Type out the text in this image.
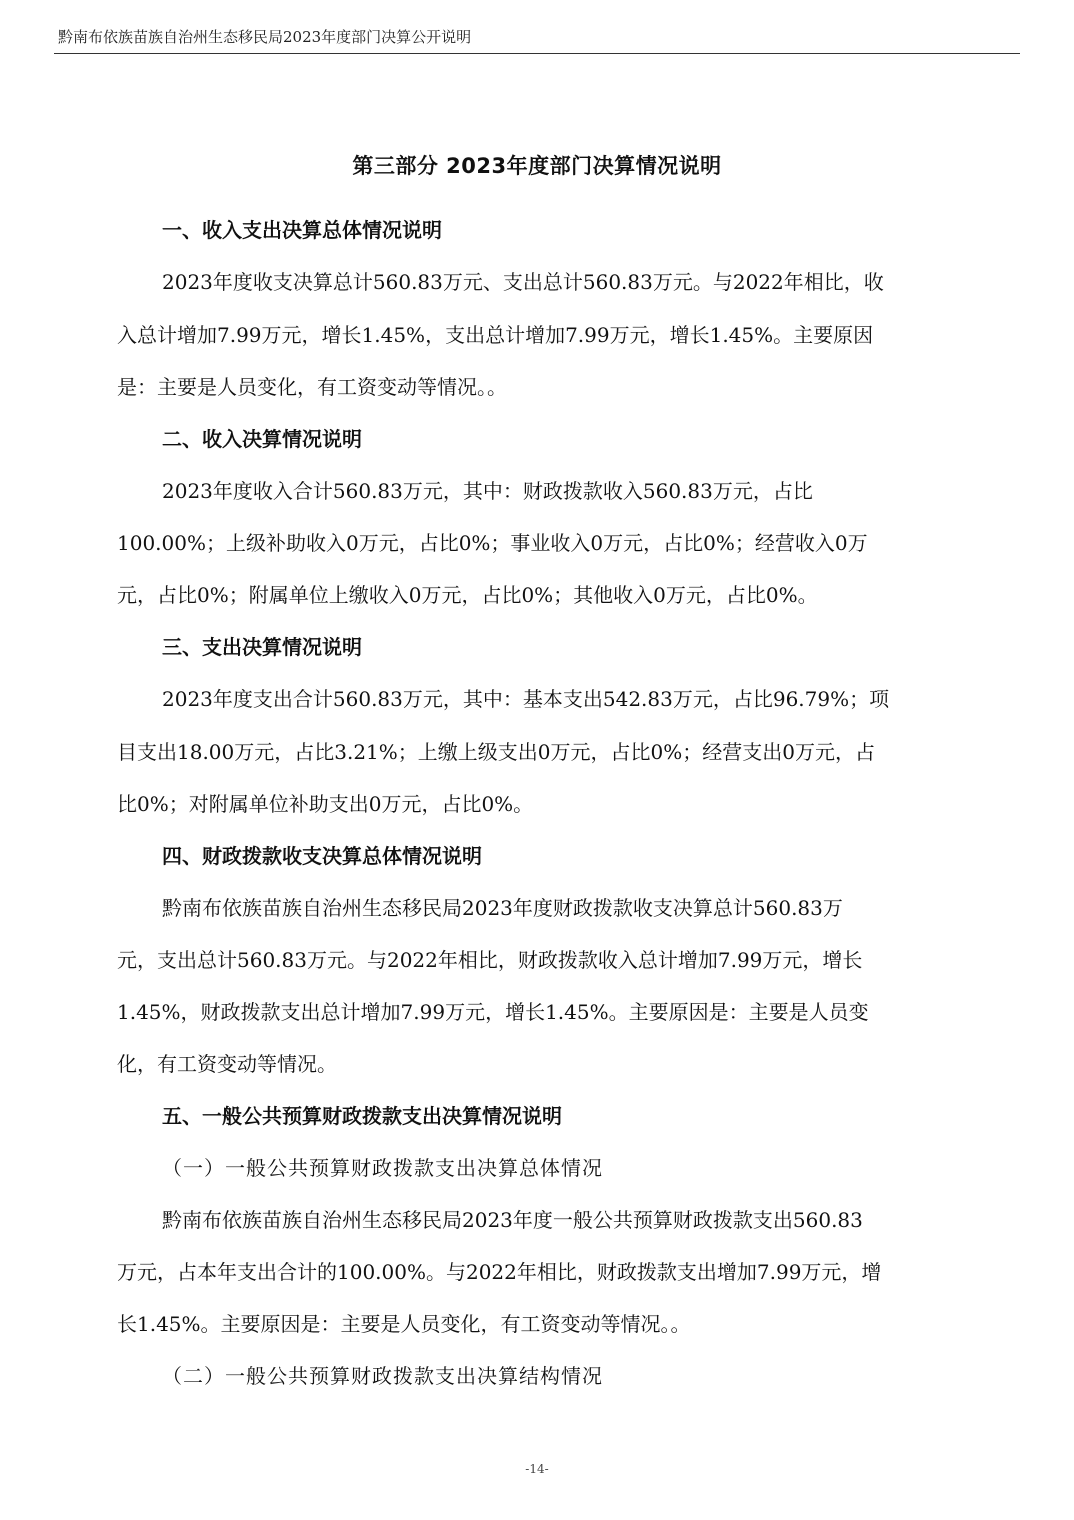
黔南布依族苗族自治州生态移民局2023年度部门决算公开说明
第三部分 2023年度部门决算情况说明
一、收入支出决算总体情况说明
2023年度收支决算总计560.83万元、支出总计560.83万元。与2022年相比，收
入总计增加7.99万元，增长1.45%，支出总计增加7.99万元，增长1.45%。主要原因
是：主要是人员变化，有工资变动等情况。。
二、收入决算情况说明
2023年度收入合计560.83万元，其中：财政拨款收入560.83万元，占比
100.00%；上级补助收入0万元，占比0%；事业收入0万元，占比0%；经营收入0万
元，占比0%；附属单位上缴收入0万元，占比0%；其他收入0万元，占比0%。
三、支出决算情况说明
2023年度支出合计560.83万元，其中：基本支出542.83万元，占比96.79%；项
目支出18.00万元，占比3.21%；上缴上级支出0万元，占比0%；经营支出0万元，占
比0%；对附属单位补助支出0万元，占比0%。
四、财政拨款收支决算总体情况说明
黔南布依族苗族自治州生态移民局2023年度财政拨款收支决算总计560.83万
元，支出总计560.83万元。与2022年相比，财政拨款收入总计增加7.99万元，增长
1.45%，财政拨款支出总计增加7.99万元，增长1.45%。主要原因是：主要是人员变
化，有工资变动等情况。
五、一般公共预算财政拨款支出决算情况说明
（一）一般公共预算财政拨款支出决算总体情况
黔南布依族苗族自治州生态移民局2023年度一般公共预算财政拨款支出560.83
万元，占本年支出合计的100.00%。与2022年相比，财政拨款支出增加7.99万元，增
长1.45%。主要原因是：主要是人员变化，有工资变动等情况。。
（二）一般公共预算财政拨款支出决算结构情况
-14-
